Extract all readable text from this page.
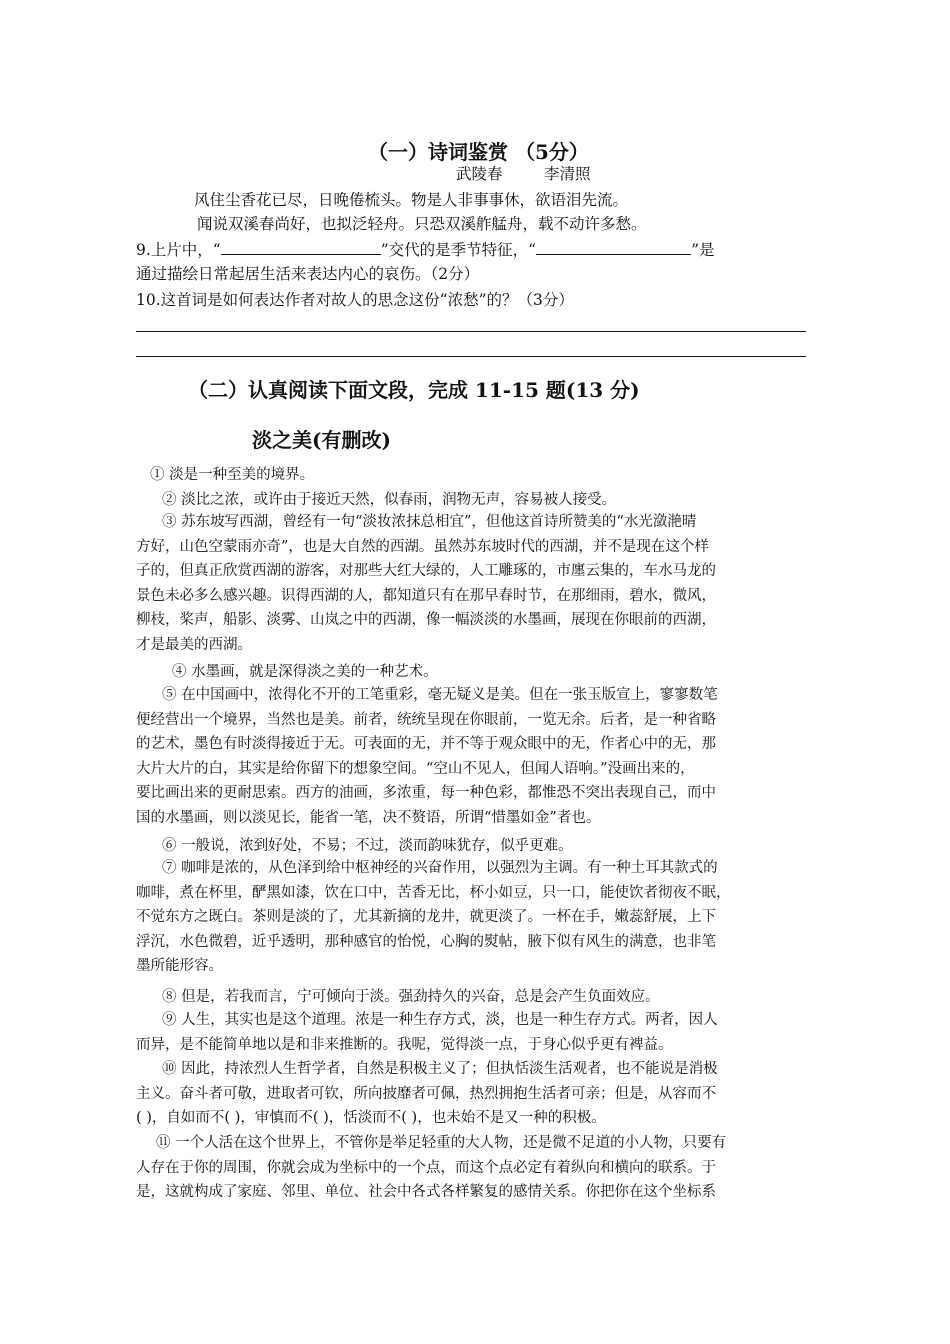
（一）诗词鉴赏 （5分）
武陵春	李清照
风住尘香花已尽，日晚倦梳头。物是人非事事休，欲语泪先流。
闻说双溪春尚好，也拟泛轻舟。只恐双溪舴艋舟，载不动许多愁。
9.上片中，“	”交代的是季节特征，“	”是
通过描绘日常起居生活来表达内心的哀伤。（2分）
10.这首词是如何表达作者对故人的思念这份“浓愁”的？（3分）
（二）认真阅读下面文段，完成 11-15 题(13 分)
淡之美(有删改)
① 淡是一种至美的境界。
② 淡比之浓，或许由于接近天然，似春雨，润物无声，容易被人接受。
③ 苏东坡写西湖，曾经有一句“淡妆浓抹总相宜”，但他这首诗所赞美的“水光潋滟晴
方好，山色空蒙雨亦奇”，也是大自然的西湖。虽然苏东坡时代的西湖，并不是现在这个样
子的，但真正欣赏西湖的游客，对那些大红大绿的，人工雕琢的，市廛云集的，车水马龙的
景色未必多么感兴趣。识得西湖的人，都知道只有在那早春时节，在那细雨，碧水，微风，
柳枝，桨声，船影、淡雾、山岚之中的西湖，像一幅淡淡的水墨画，展现在你眼前的西湖，
才是最美的西湖。
④ 水墨画，就是深得淡之美的一种艺术。
⑤ 在中国画中，浓得化不开的工笔重彩，毫无疑义是美。但在一张玉版宣上，寥寥数笔
便经营出一个境界，当然也是美。前者，统统呈现在你眼前，一览无余。后者，是一种省略
的艺术，墨色有时淡得接近于无。可表面的无，并不等于观众眼中的无，作者心中的无，那
大片大片的白，其实是给你留下的想象空间。“空山不见人，但闻人语响。”没画出来的，
要比画出来的更耐思索。西方的油画，多浓重，每一种色彩，都惟恐不突出表现自己，而中
国的水墨画，则以淡见长，能省一笔，决不赘语，所谓“惜墨如金”者也。
⑥ 一般说，浓到好处，不易；不过，淡而韵味犹存，似乎更难。
⑦ 咖啡是浓的，从色泽到给中枢神经的兴奋作用，以强烈为主调。有一种土耳其款式的
咖啡，煮在杯里，酽黑如漆，饮在口中，苦香无比，杯小如豆，只一口，能使饮者彻夜不眠，
不觉东方之既白。茶则是淡的了，尤其新摘的龙井，就更淡了。一杯在手，嫩蕊舒展，上下
浮沉，水色微碧，近乎透明，那种感官的怡悦，心胸的熨帖，腋下似有风生的满意，也非笔
墨所能形容。
⑧ 但是，若我而言，宁可倾向于淡。强劲持久的兴奋，总是会产生负面效应。
⑨ 人生，其实也是这个道理。浓是一种生存方式，淡，也是一种生存方式。两者，因人
而异，是不能简单地以是和非来推断的。我呢，觉得淡一点，于身心似乎更有裨益。
⑩ 因此，持浓烈人生哲学者，自然是积极主义了；但执恬淡生活观者，也不能说是消极
主义。奋斗者可敬，进取者可钦，所向披靡者可佩，热烈拥抱生活者可亲；但是，从容而不
( )，自如而不( )，审慎而不( )，恬淡而不( )，也未始不是又一种的积极。
⑪ 一个人活在这个世界上，不管你是举足轻重的大人物，还是微不足道的小人物，只要有
人存在于你的周围，你就会成为坐标中的一个点，而这个点必定有着纵向和横向的联系。于
是，这就构成了家庭、邻里、单位、社会中各式各样繁复的感情关系。你把你在这个坐标系
